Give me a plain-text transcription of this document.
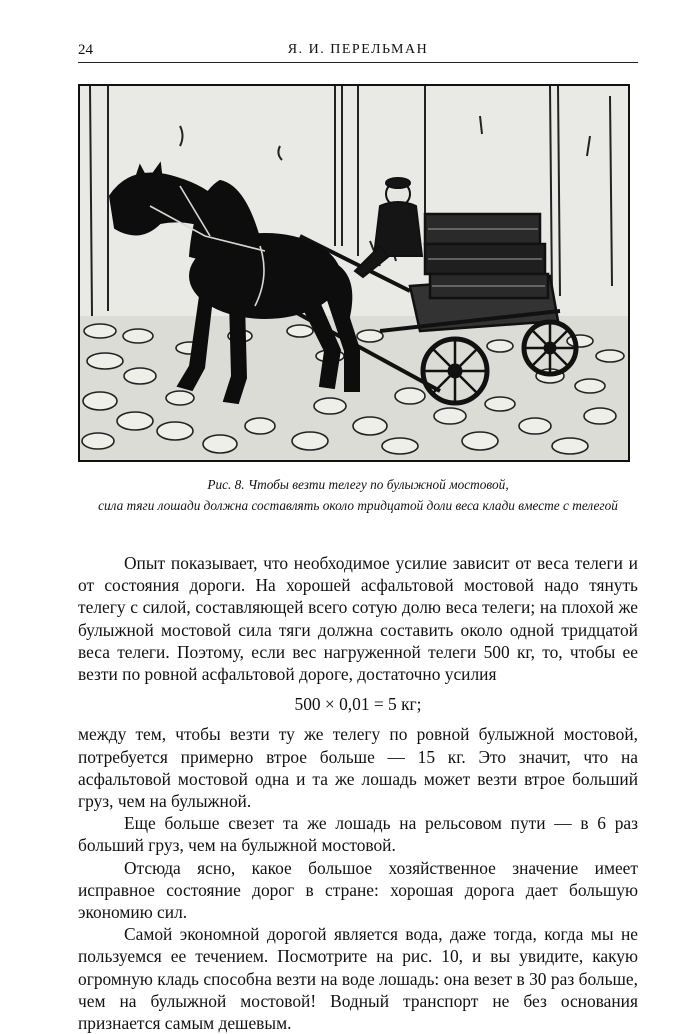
24	Я. И. ПЕРЕЛЬМАН
Рис. 8. Чтобы везти телегу по булыжной мостовой,
сила тяги лошади должна составлять около тридцатой доли веса клади вместе с телегой

Опыт показывает, что необходимое усилие зависит от веса телеги и от состояния дороги. На хорошей асфальтовой мостовой надо тянуть телегу с силой, составляющей всего сотую долю веса телеги; на плохой же булыжной мостовой сила тяги должна составить около одной тридцатой веса телеги. Поэтому, если вес нагруженной телеги 500 кг, то, чтобы ее везти по ровной асфальтовой дороге, достаточно усилия

500 × 0,01 = 5 кг;

между тем, чтобы везти ту же телегу по ровной булыжной мостовой, потребуется примерно втрое больше — 15 кг. Это значит, что на асфальтовой мостовой одна и та же лошадь может везти втрое больший груз, чем на булыжной.

Еще больше свезет та же лошадь на рельсовом пути — в 6 раз больший груз, чем на булыжной мостовой.

Отсюда ясно, какое большое хозяйственное значение имеет исправное состояние дорог в стране: хорошая дорога дает большую экономию сил.

Самой экономной дорогой является вода, даже тогда, когда мы не пользуемся ее течением. Посмотрите на рис. 10, и вы увидите, какую огромную кладь способна везти на воде лошадь: она везет в 30 раз больше, чем на булыжной мостовой! Водный транспорт не без основания признается самым дешевым.
